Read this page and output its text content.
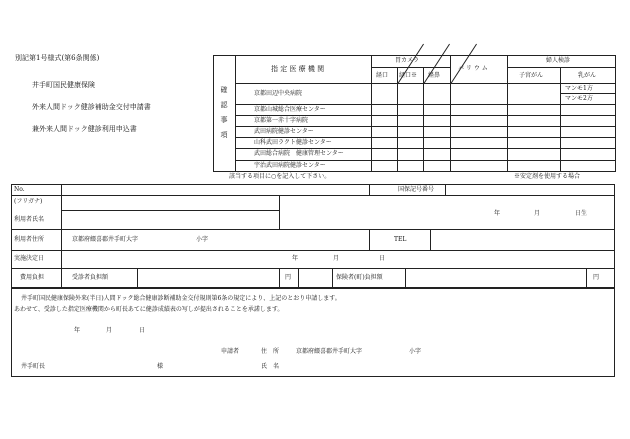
別記第1号様式(第6条関係)
井手町国民健康保険
外来人間ドック健診補助金交付申請書
兼外来人間ドック健診利用申込書
確
認
事
項
指 定 医 療 機 関
胃カメラ
経口 経口※ 経鼻
バ リ ウ ム
婦人検診
子宮がん	乳がん
マンモ1方
マンモ2方
京都田辺中央病院
京都山城総合医療センター
京都第一赤十字病院
武田病院健診センター
山科武田ラクト健診センター
武田総合病院　健康管理センター
宇治武田病院健診センター
該当する項目に○を記入して下さい。	※安定剤を使用する場合
No.	国保記号番号
(フリガナ)
利用者氏名
年	月	日生
利用者住所	京都府綴喜郡井手町大字	小字	TEL
実施決定日	年	月	日
費用負担	受診者負担額	円	保険者(町)負担額	円
井手町国民健康保険外来(半日)人間ドック総合健康診断補助金交付規則第6条の規定により、上記のとおり申請します。
あわせて、受診した指定医療機関から町長あてに健診成績表の写しが提出されることを承諾します。
年	月	日
申請者	住　所	京都府綴喜郡井手町大字	小字
井手町長	様	氏　名
